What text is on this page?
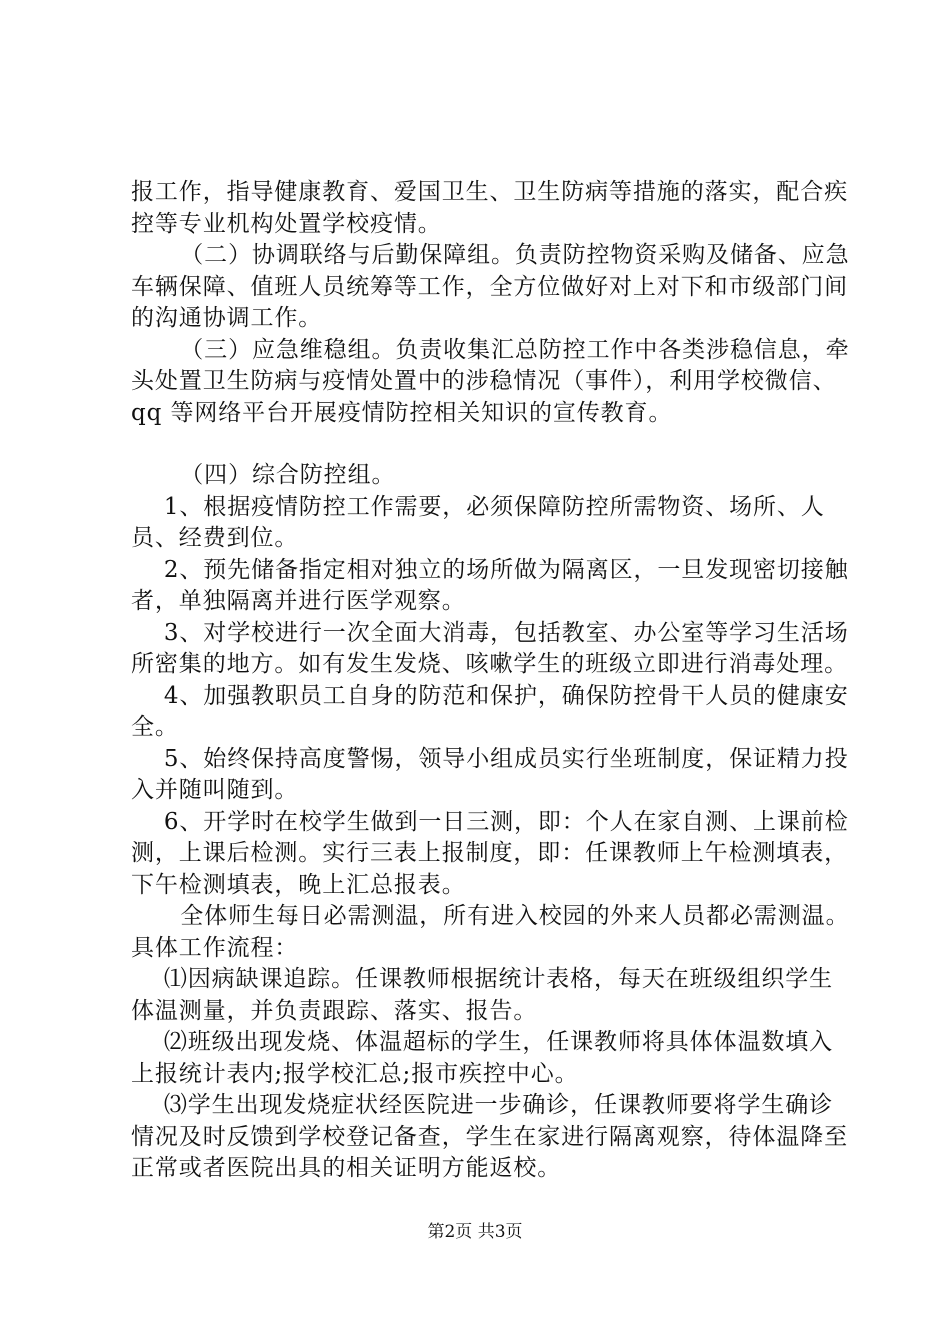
报工作，指导健康教育、爱国卫生、卫生防病等措施的落实，配合疾控等专业机构处置学校疫情。

（二）协调联络与后勤保障组。负责防控物资采购及储备、应急车辆保障、值班人员统筹等工作，全方位做好对上对下和市级部门间的沟通协调工作。

（三）应急维稳组。负责收集汇总防控工作中各类涉稳信息，牵头处置卫生防病与疫情处置中的涉稳情况（事件），利用学校微信、qq 等网络平台开展疫情防控相关知识的宣传教育。

（四）综合防控组。

1、根据疫情防控工作需要，必须保障防控所需物资、场所、人员、经费到位。

2、预先储备指定相对独立的场所做为隔离区，一旦发现密切接触者，单独隔离并进行医学观察。

3、对学校进行一次全面大消毒，包括教室、办公室等学习生活场所密集的地方。如有发生发烧、咳嗽学生的班级立即进行消毒处理。

4、加强教职员工自身的防范和保护，确保防控骨干人员的健康安全。

5、始终保持高度警惕，领导小组成员实行坐班制度，保证精力投入并随叫随到。

6、开学时在校学生做到一日三测，即：个人在家自测、上课前检测，上课后检测。实行三表上报制度，即：任课教师上午检测填表，下午检测填表，晚上汇总报表。

全体师生每日必需测温，所有进入校园的外来人员都必需测温。具体工作流程：

⑴因病缺课追踪。任课教师根据统计表格，每天在班级组织学生体温测量，并负责跟踪、落实、报告。

⑵班级出现发烧、体温超标的学生，任课教师将具体体温数填入上报统计表内;报学校汇总;报市疾控中心。

⑶学生出现发烧症状经医院进一步确诊，任课教师要将学生确诊情况及时反馈到学校登记备查，学生在家进行隔离观察，待体温降至正常或者医院出具的相关证明方能返校。

第2页 共3页
